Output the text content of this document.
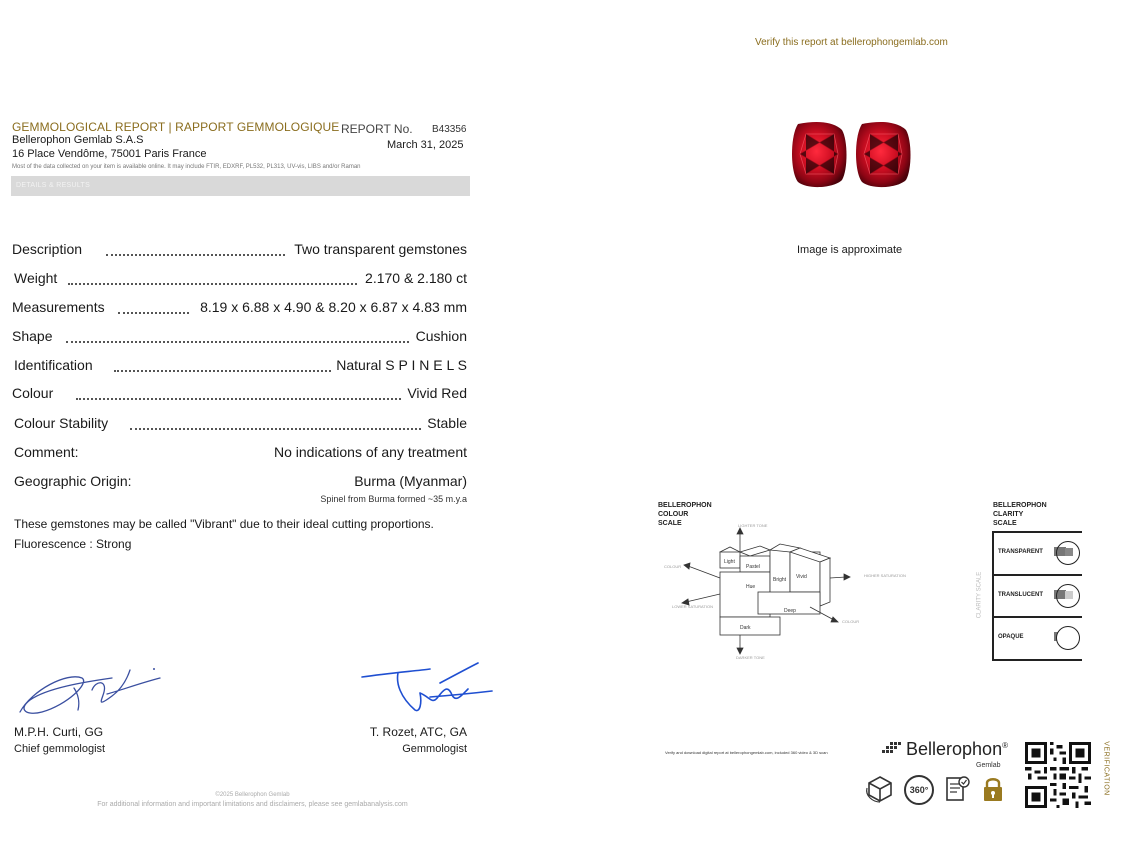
Verify this report at bellerophongemlab.com
GEMMOLOGICAL REPORT | RAPPORT GEMMOLOGIQUE REPORT No. B43356
Bellerophon Gemlab S.A.S
16 Place Vendôme, 75001 Paris France
March 31, 2025
Most of the data collected on your item is available online. It may include FTIR, EDXRF, PL532, PL313, UV-vis, LIBS and/or Raman
DETAILS & RESULTS
Description	Two transparent gemstones
Weight	2.170 & 2.180 ct
Measurements	8.19 x 6.88 x 4.90 & 8.20 x 6.87 x 4.83 mm
Shape	Cushion
Identification	Natural S P I N E L S
Colour	Vivid Red
Colour Stability	Stable
Comment:	No indications of any treatment
Geographic Origin:	Burma (Myanmar)
Spinel from Burma formed ~35 m.y.a
These gemstones may be called "Vibrant" due to their ideal cutting proportions.
Fluorescence : Strong
M.P.H. Curti, GG
Chief gemmologist
T. Rozet, ATC, GA
Gemmologist
©2025 Bellerophon Gemlab
For additional information and important limitations and disclaimers, please see gemlabanalysis.com
Image is approximate
BELLEROPHON
COLOUR
SCALE
Light
Pastel
Hue
Bright Vivid
Deep
Dark
LIGHTER TONE
COLOUR
LOWER SATURATION
HIGHER SATURATION
COLOUR
DARKER TONE
BELLEROPHON
CLARITY
SCALE
CLARITY SCALE
TRANSPARENT
TRANSLUCENT
OPAQUE
Verify and download digital report at bellerophongemlab.com, included 360 video & 3D scan	Bellerophon®
Gemlab
360°	VERIFICATION
